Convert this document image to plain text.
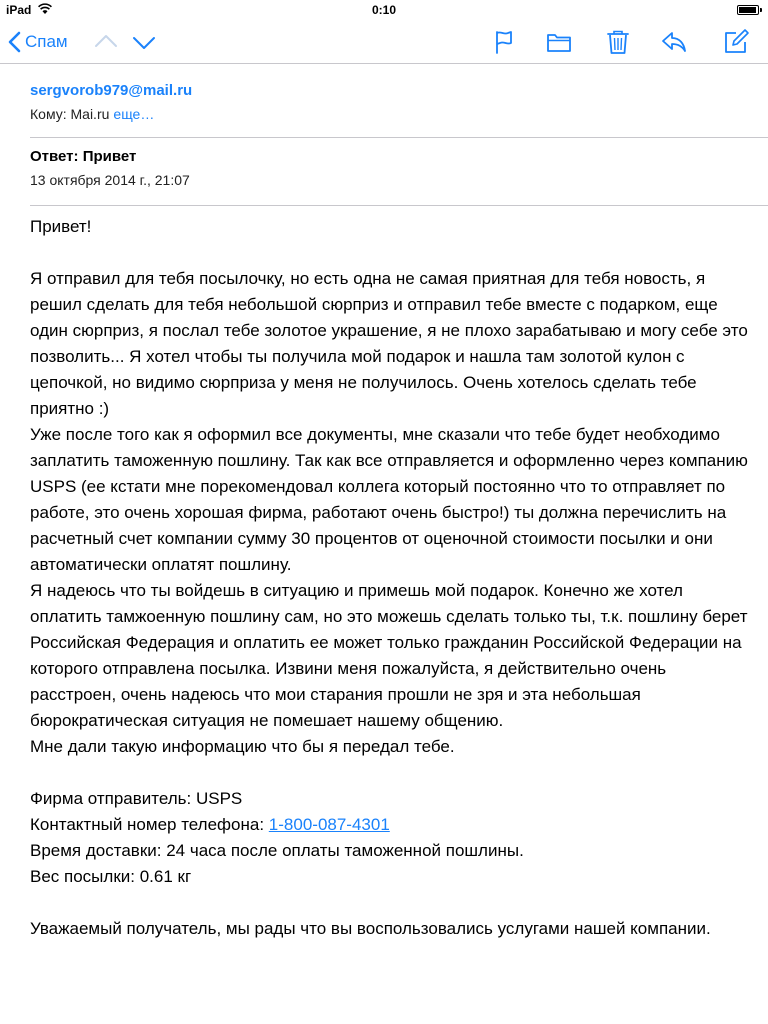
iPad	0:10
Спам
sergvorob979@mail.ru
Кому: Mai.ru еще…
Ответ: Привет
13 октября 2014 г., 21:07

Привет!

Я отправил для тебя посылочку, но есть одна не самая приятная для тебя новость, я решил сделать для тебя небольшой сюрприз и отправил тебе вместе с подарком, еще один сюрприз, я послал тебе золотое украшение, я не плохо зарабатываю и могу себе это позволить... Я хотел чтобы ты получила мой подарок и нашла там золотой кулон с цепочкой, но видимо сюрприза у меня не получилось. Очень хотелось сделать тебе приятно :)

Уже после того как я оформил все документы, мне сказали что тебе будет необходимо заплатить таможенную пошлину. Так как все отправляется и оформленно через компанию USPS (ее кстати мне порекомендовал коллега который постоянно что то отправляет по работе, это очень хорошая фирма, работают очень быстро!) ты должна перечислить на расчетный счет компании сумму 30 процентов от оценочной стоимости посылки и они автоматически оплатят пошлину.

Я надеюсь что ты войдешь в ситуацию и примешь мой подарок. Конечно же хотел оплатить тамжоенную пошлину сам, но это можешь сделать только ты, т.к. пошлину берет Российская Федерация и оплатить ее может только гражданин Российской Федерации на которого отправлена посылка. Извини меня пожалуйста, я действительно очень расстроен, очень надеюсь что мои старания прошли не зря и эта небольшая бюрократическая ситуация не помешает нашему общению.

Мне дали такую информацию что бы я передал тебе.

Фирма отправитель: USPS

Контактный номер телефона: 1-800-087-4301

Время доставки: 24 часа после оплаты таможенной пошлины.

Вес посылки: 0.61 кг

Уважаемый получатель, мы рады что вы воспользовались услугами нашей компании.
